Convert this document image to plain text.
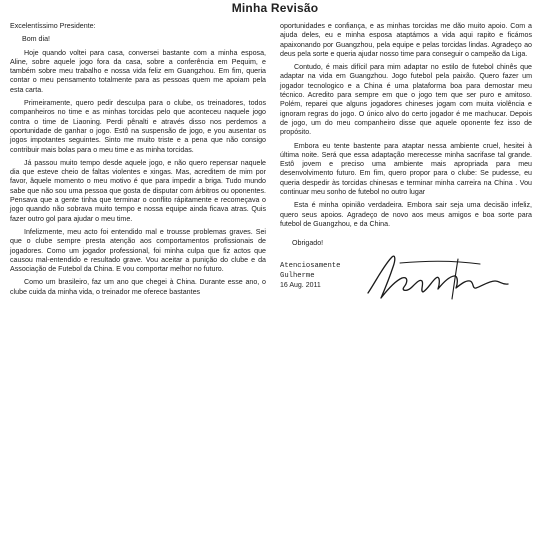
Minha Revisão

Excelentíssimo Presidente:

Bom dia!

Hoje quando voltei para casa, conversei bastante com a minha esposa, Aline, sobre aquele jogo fora da casa, sobre a conferência em Pequim, e também sobre meu trabalho e nossa vida feliz em Guangzhou. Em fim, queria contar o meu pensamento totalmente para as pessoas quem me apoiam pela esta carta.

Primeiramente, quero pedir desculpa para o clube, os treinadores, todos companheiros no time e as minhas torcidas pelo que aconteceu naquele jogo contra o time de Liaoning. Perdi pênalti e através disso nos perdemos a oportunidade de ganhar o jogo. Estô na suspensão de jogo, e you ausentar os jogos impotantes seguintes. Sinto me muito triste e a pena que não consigo contribuir mais bolas para o meu time e as minha torcidas.

Já passou muito tempo desde aquele jogo, e não quero repensar naquele dia que esteve cheio de faltas violentes e xingas. Mas, acreditem de mim por favor, âquele momento o meu motivo é que para impedir a briga. Tudo mundo sabe que não sou uma pessoa que gosta de disputar com árbitros ou oponentes. Pensava que a gente tinha que terminar o conflito rápitamente e recomeçava o jogo quando não sobrava muito tempo e nossa equipe ainda ficava atras. Quis fazer outro gol para ajudar o meu time.

Infelizmente, meu acto foi entendido mal e trousse problemas graves. Sei que o clube sempre presta atenção aos comportamentos profissionais de jogadores. Como um jogador professional, foi minha culpa que fiz actos que causou mal-entendido e resultado grave. Vou aceitar a punição do clube e da Associação de Futebol da China. E vou comportar melhor no futuro.

Como um brasileiro, faz um ano que chegei à China. Durante esse ano, o clube cuida da minha vida, o treinador me oferece bastantes

oportunidades e confiança, e as minhas torcidas me dão muito apoio. Com a ajuda deles, eu e minha esposa ataptámos a vida aqui rapito e ficámos apaixonando por Guangzhou, pela equipe e pelas torcidas lindas. Agradeço ao deus pela sorte e queria ajudar nosso time para conseguir o campeão da Liga.

Contudo, é mais difícil para mim adaptar no estilo de futebol chinês que adaptar na vida em Guangzhou. Jogo futebol pela paixão. Quero fazer um jogador tecnologico e a China é uma plataforma boa para demostar meu técnico. Acredito para sempre em que o jogo tem que ser puro e amitoso. Polém, reparei que alguns jogadores chineses jogam com muita violência e ignoram regras do jogo. O único alvo do certo jogador é me machucar. Depois de jogo, um do meu companheiro disse que aquele oponente fez isso de propósito.

Embora eu tente bastente para ataptar nessa ambiente cruel, hesitei à última noite. Será que essa adaptação merecesse minha sacrifase tal grande. Estô jovem e preciso uma ambiente mais apropriada para meu desenvolvimento futuro. Em fim, quero propor para o clube: Se pudesse, eu queria despedir às torcidas chinesas e terminar minha carreira na China . Vou continuar meu sonho de futebol no outro lugar

Esta é minha opinião verdadeira. Embora sair seja uma decisão infeliz, quero seus apoios. Agradeço de novo aos meus amigos e boa sorte para futebol de Guangzhou, e da China.

Obrigado!

Atenciosamente
Gulherme
16 Aug. 2011
